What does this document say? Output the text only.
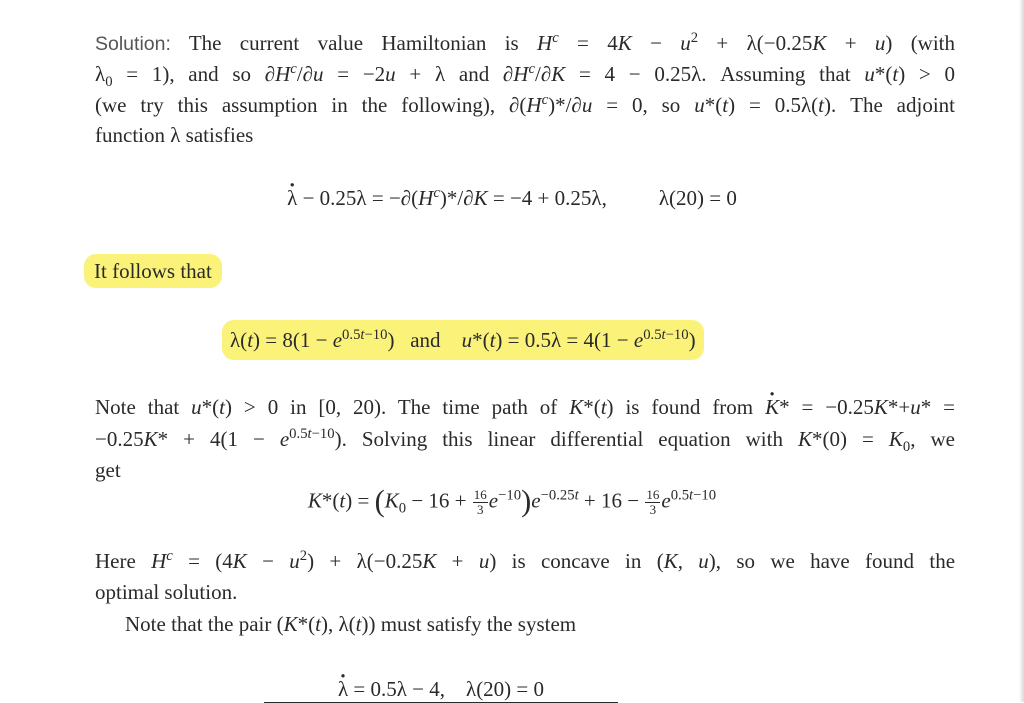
Solution: The current value Hamiltonian is $H^c = 4K - u^2 + \lambda(-0.25K + u)$ (with
$\lambda_0 = 1$), and so $\partial H^c/\partial u = -2u + \lambda$ and $\partial H^c/\partial K = 4 - 0.25\lambda$. Assuming that u*(t) > 0
(we try this assumption in the following), $\partial(H^c)*/\partial u = 0$, so u*(t) = 0.5λ(t). The adjoint
function λ satisfies
λ · − $0.25\lambda = -\partial(H^c)*/\partial K = -4 + 0.25\lambda$, λ(20) = 0
It follows that
$\lambda(t) = 8(1 - e^{0.5t-10})$   and    $u*(t) = 0.5\lambda = 4(1 - e^{0.5t-10})$
Note that u*(t) > 0 in [0, 20). The time path of K*(t) is found from K ·* = −0.25K*+u* =
$-0.25K* + 4(1 - e^{0.5t-10})$. Solving this linear differential equation with $K*(0) = K_0$, we
get
$K*(t) = (K_0 - 16 + \frac{16}{3} e^{-10})e^{-0.25t} + 16 - \frac{16}{3} e^{0.5t-10}$
Here $H^c = (4K - u^2) + \lambda(-0.25K + u)$ is concave in (K, u), so we have found the
optimal solution.
Note that the pair (K*(t), λ(t)) must satisfy the system
λ · = 0.5λ − 4,    λ(20) = 0
